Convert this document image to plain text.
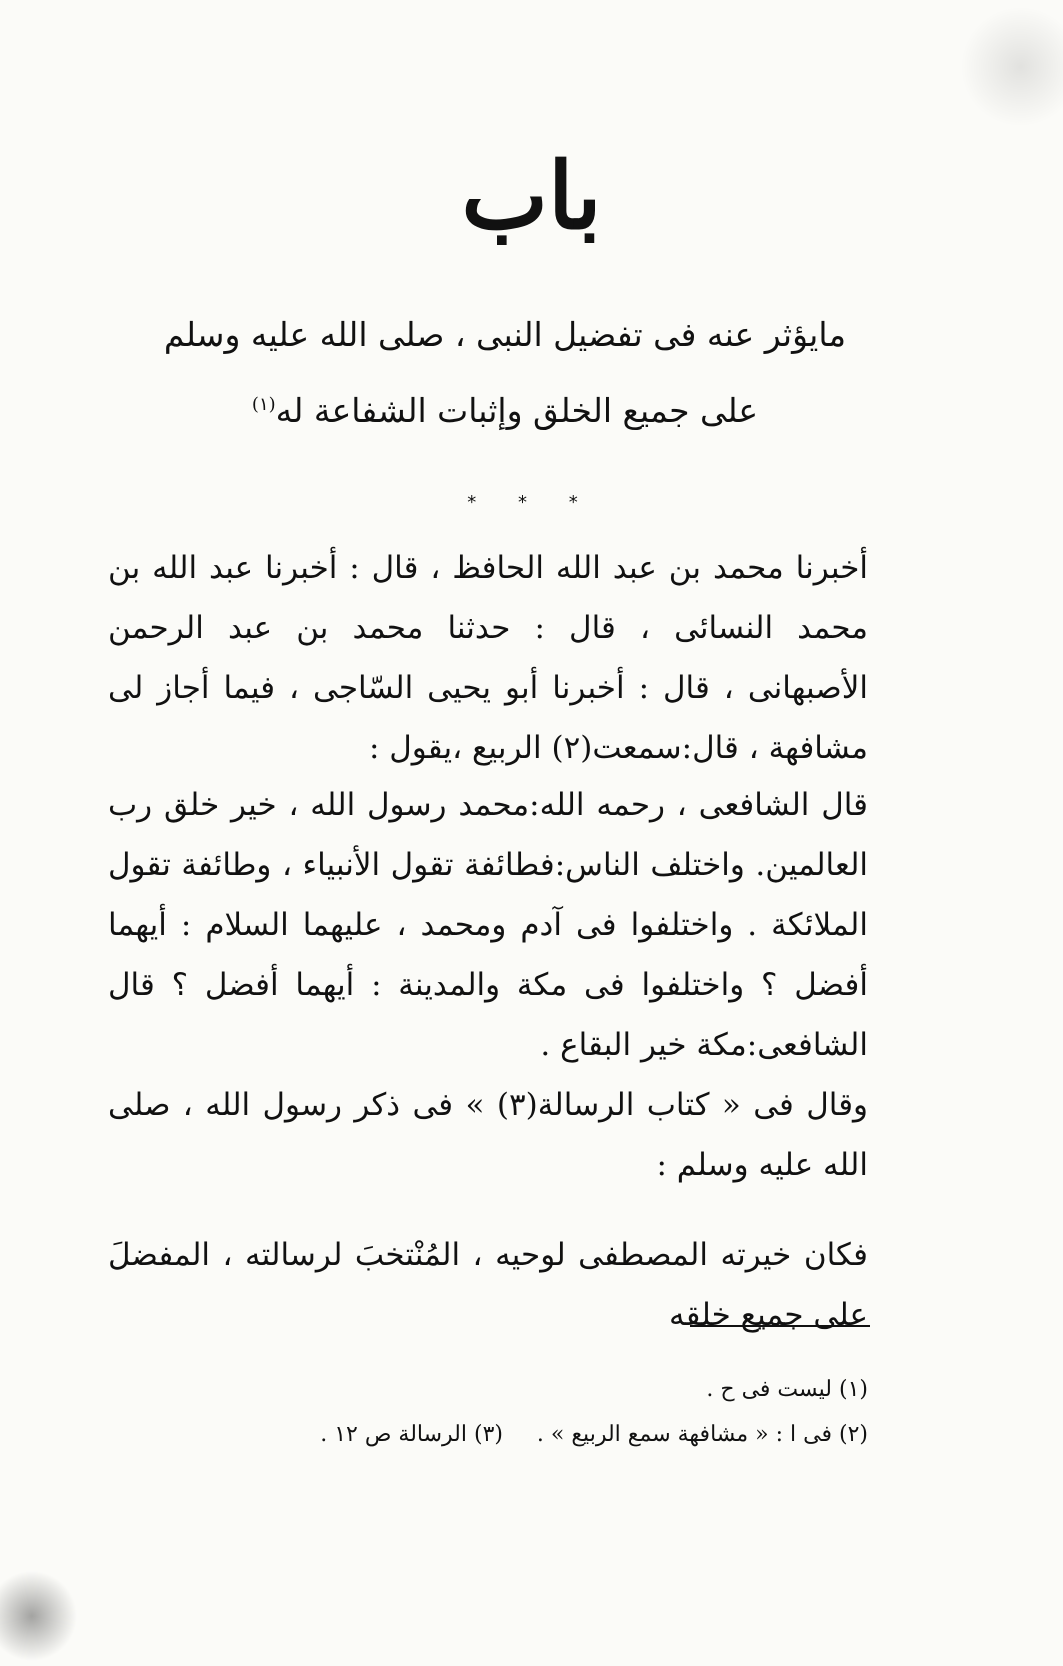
باب
مايؤثر عنه فى تفضيل النبى ، صلى الله عليه وسلم على جميع الخلق وإثبات الشفاعة له$^{(١)}$
* * *
أخبرنا محمد بن عبد الله الحافظ ، قال : أخبرنا عبد الله بن محمد النسائى ، قال : حدثنا محمد بن عبد الرحمن الأصبهانى ، قال : أخبرنا أبو يحيى السّاجى ، فيما أجاز لى مشافهة ، قال:سمعت(٢) الربيع ،يقول :
قال الشافعى ، رحمه الله:محمد رسول الله ، خير خلق رب العالمين. واختلف الناس:فطائفة تقول الأنبياء ، وطائفة تقول الملائكة . واختلفوا فى آدم ومحمد ، عليهما السلام : أيهما أفضل ؟ واختلفوا فى مكة والمدينة : أيهما أفضل ؟ قال الشافعى:مكة خير البقاع .
وقال فى « كتاب الرسالة(٣) » فى ذكر رسول الله ، صلى الله عليه وسلم :
فكان خيرته المصطفى لوحيه ، المُنْتخبَ لرسالته ، المفضلَ على جميع خلقه
(١) ليست فى ح .
(٢) فى ا : « مشافهة سمع الربيع » .
(٣) الرسالة ص ١٢ .
